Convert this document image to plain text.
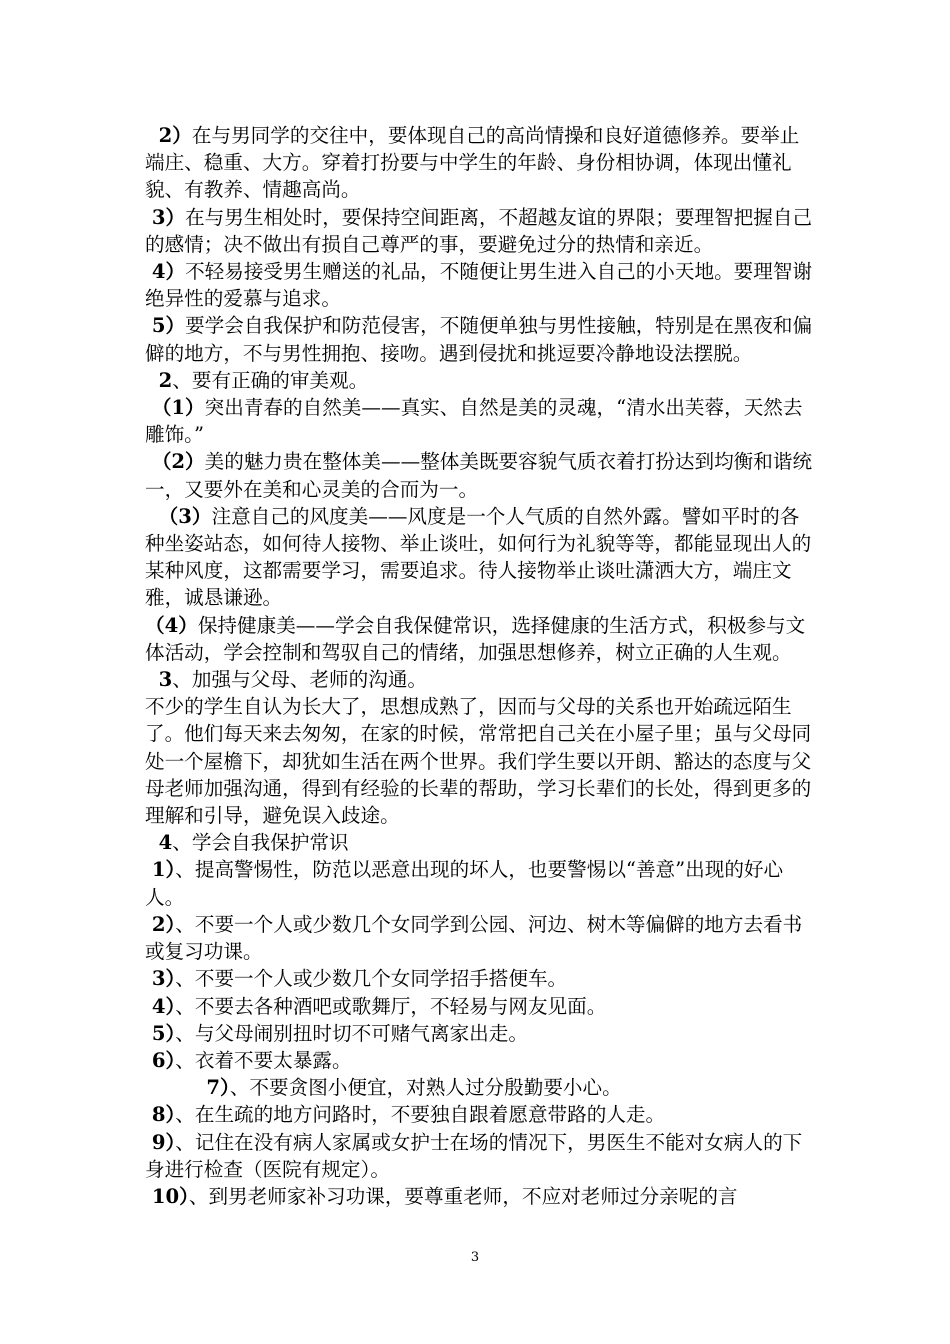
2）在与男同学的交往中，要体现自己的高尚情操和良好道德修养。要举止端庄、稳重、大方。穿着打扮要与中学生的年龄、身份相协调，体现出懂礼貌、有教养、情趣高尚。

3）在与男生相处时，要保持空间距离，不超越友谊的界限；要理智把握自己的感情；决不做出有损自己尊严的事，要避免过分的热情和亲近。

4）不轻易接受男生赠送的礼品，不随便让男生进入自己的小天地。要理智谢绝异性的爱慕与追求。

5）要学会自我保护和防范侵害，不随便单独与男性接触，特别是在黑夜和偏僻的地方，不与男性拥抱、接吻。遇到侵扰和挑逗要冷静地设法摆脱。

2、要有正确的审美观。

（1）突出青春的自然美——真实、自然是美的灵魂，“清水出芙蓉，天然去雕饰。”

（2）美的魅力贵在整体美——整体美既要容貌气质衣着打扮达到均衡和谐统一，又要外在美和心灵美的合而为一。

（3）注意自己的风度美——风度是一个人气质的自然外露。譬如平时的各种坐姿站态，如何待人接物、举止谈吐，如何行为礼貌等等，都能显现出人的某种风度，这都需要学习，需要追求。待人接物举止谈吐潇洒大方，端庄文雅，诚恳谦逊。

（4）保持健康美——学会自我保健常识，选择健康的生活方式，积极参与文体活动，学会控制和驾驭自己的情绪，加强思想修养，树立正确的人生观。

3、加强与父母、老师的沟通。

不少的学生自认为长大了，思想成熟了，因而与父母的关系也开始疏远陌生了。他们每天来去匆匆，在家的时候，常常把自己关在小屋子里；虽与父母同处一个屋檐下，却犹如生活在两个世界。我们学生要以开朗、豁达的态度与父母老师加强沟通，得到有经验的长辈的帮助，学习长辈们的长处，得到更多的理解和引导，避免误入歧途。

4、学会自我保护常识

1）、提高警惕性，防范以恶意出现的坏人，也要警惕以“善意”出现的好心人。

2）、不要一个人或少数几个女同学到公园、河边、树木等偏僻的地方去看书或复习功课。

3）、不要一个人或少数几个女同学招手搭便车。

4）、不要去各种酒吧或歌舞厅，不轻易与网友见面。

5）、与父母闹别扭时切不可赌气离家出走。

6）、衣着不要太暴露。

7）、不要贪图小便宜，对熟人过分殷勤要小心。

8）、在生疏的地方问路时，不要独自跟着愿意带路的人走。

9）、记住在没有病人家属或女护士在场的情况下，男医生不能对女病人的下身进行检查（医院有规定）。

10）、到男老师家补习功课，要尊重老师，不应对老师过分亲呢的言

3
